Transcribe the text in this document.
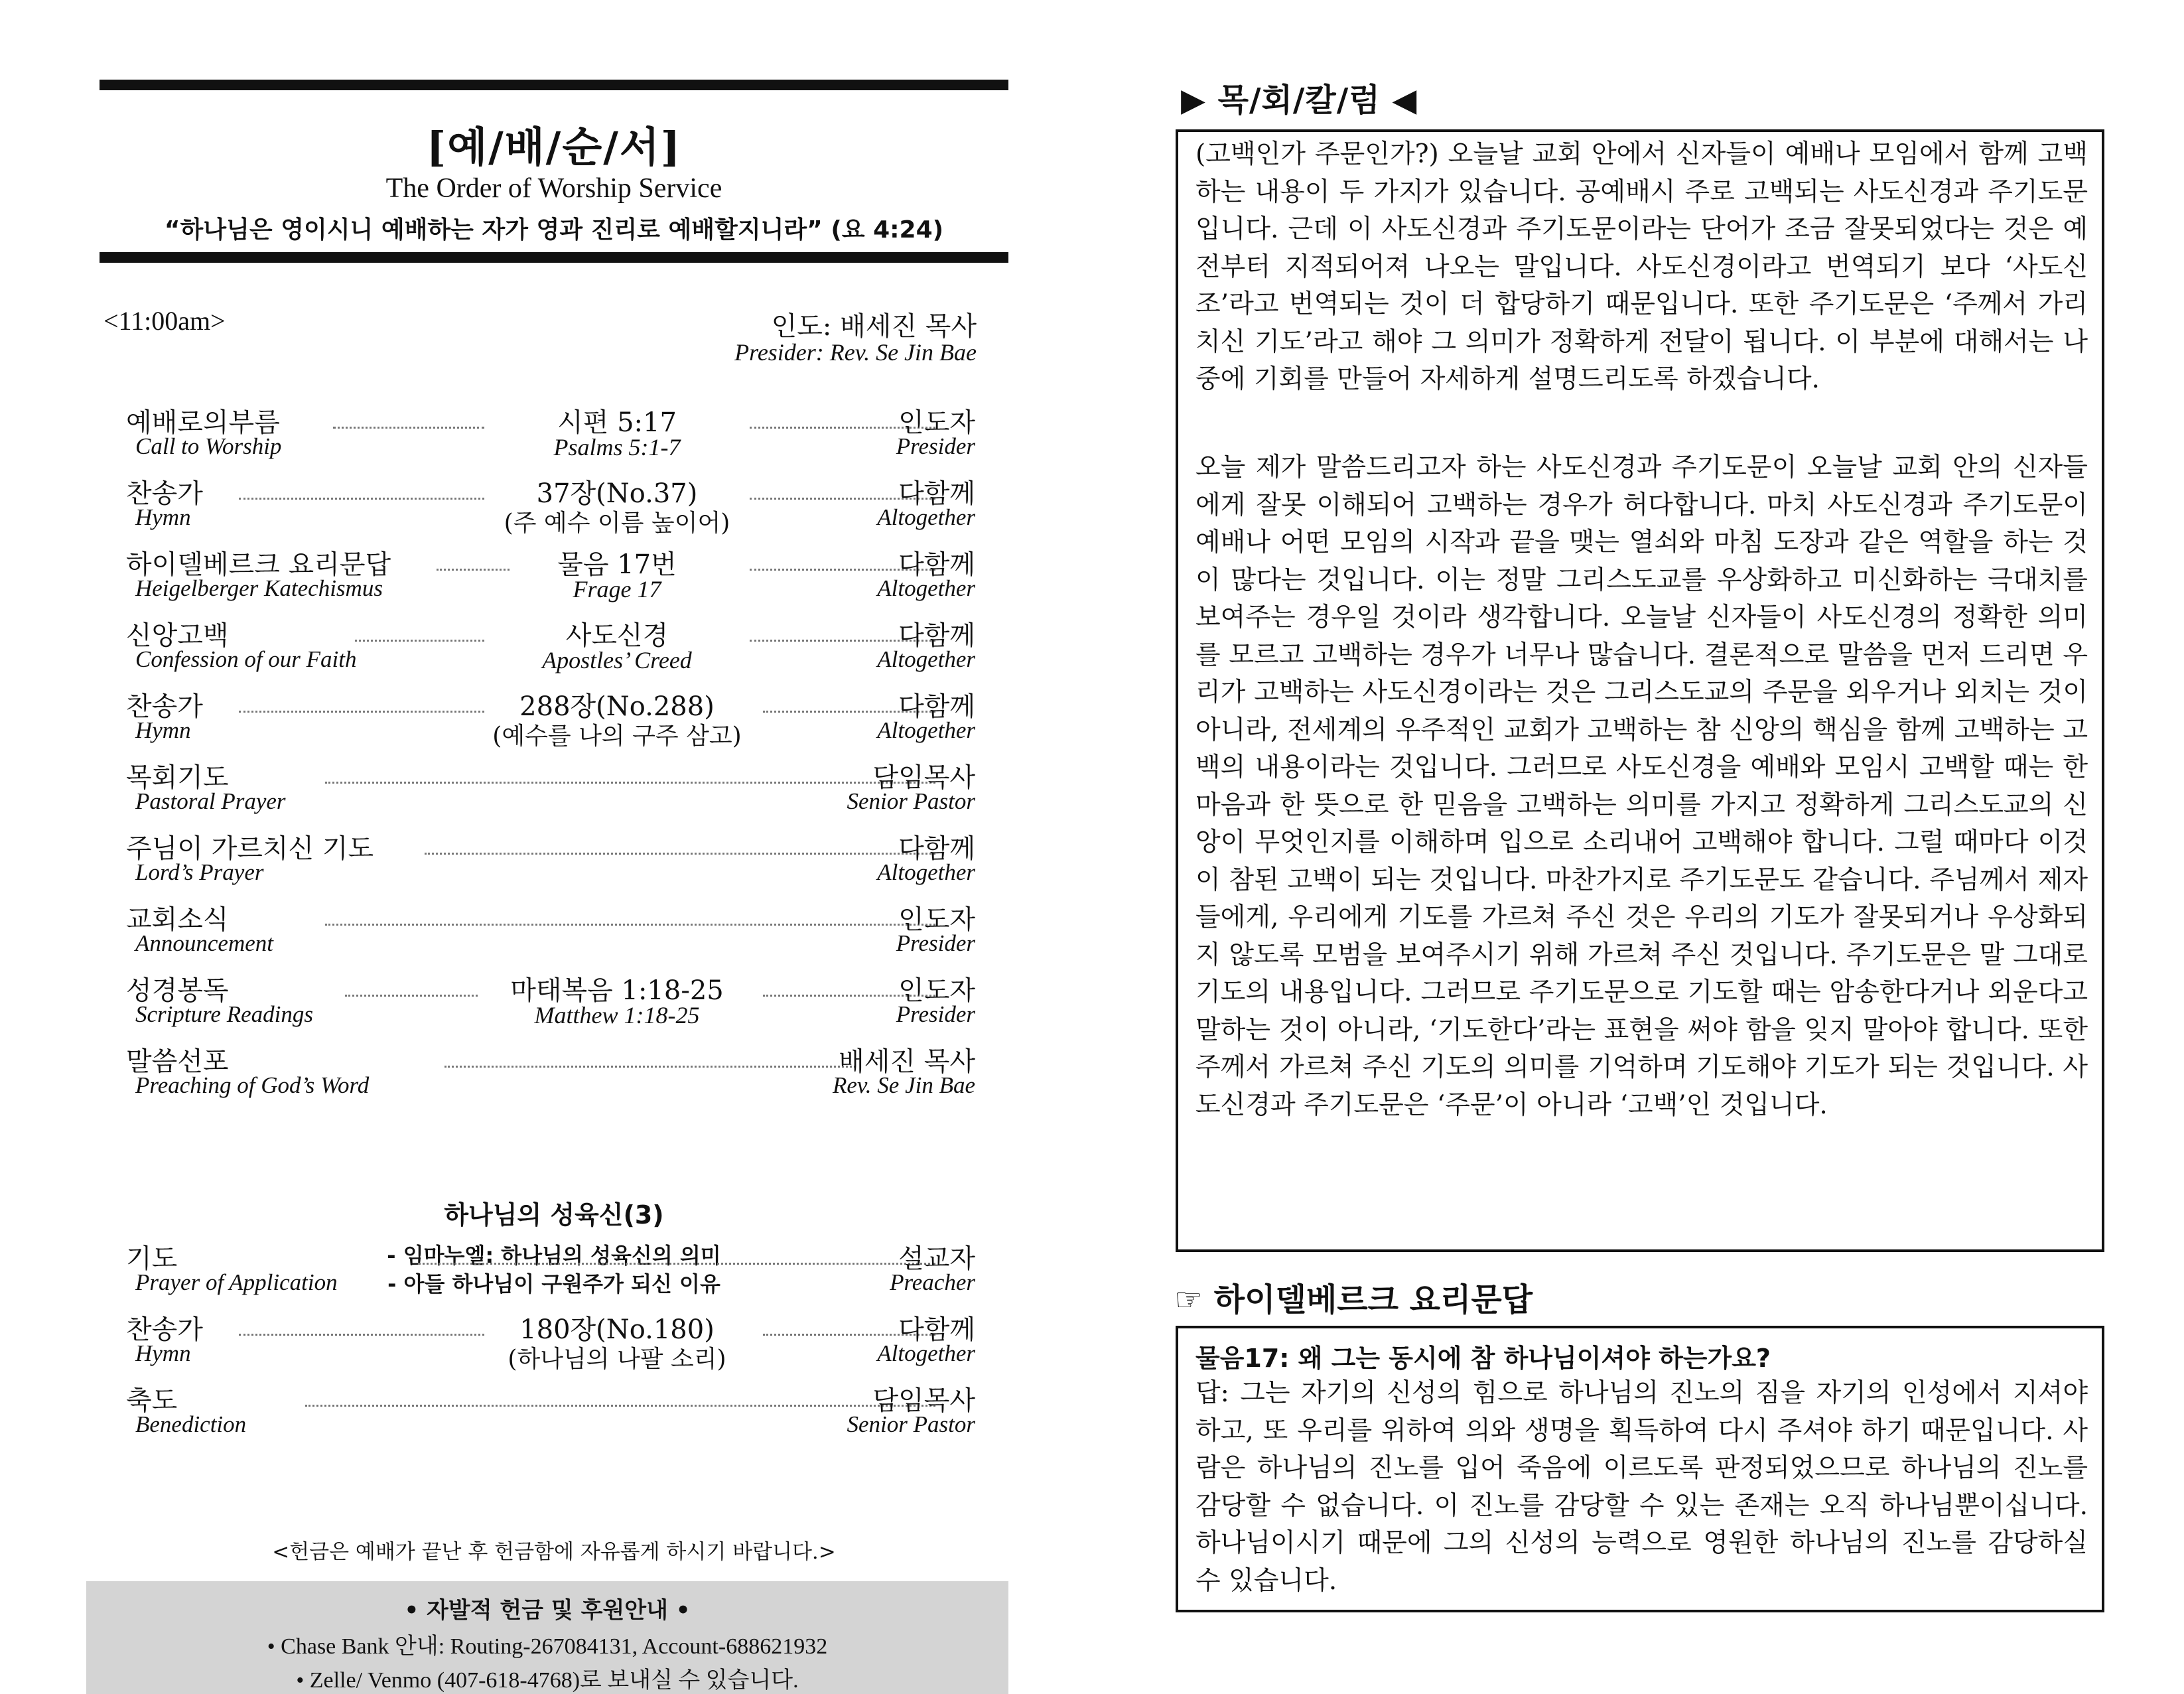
[예/배/순/서]
The Order of Worship Service
“하나님은 영이시니 예배하는 자가 영과 진리로 예배할지니라” (요 4:24)
<11:00am>	인도: 배세진 목사
Presider: Rev. Se Jin Bae
예배로의부름
Call to Worship
시편 5:17
Psalms 5:1-7
인도자
Presider
찬송가
Hymn
37장(No.37)
(주 예수 이름 높이어)
다함께
Altogether
하이델베르크 요리문답
Heigelberger Katechismus
물음 17번
Frage 17
다함께
Altogether
신앙고백
Confession of our Faith
사도신경
Apostles’ Creed
다함께
Altogether
찬송가
Hymn
288장(No.288)
(예수를 나의 구주 삼고)
다함께
Altogether
목회기도
Pastoral Prayer
담임목사
Senior Pastor
주님이 가르치신 기도
Lord’s Prayer
다함께
Altogether
교회소식
Announcement
인도자
Presider
성경봉독
Scripture Readings
마태복음 1:18-25
Matthew 1:18-25
인도자
Presider
말씀선포
Preaching of God’s Word
배세진 목사
Rev. Se Jin Bae
하나님의 성육신(3)
- 임마누엘: 하나님의 성육신의 의미
- 아들 하나님이 구원주가 되신 이유
기도
Prayer of Application
설교자
Preacher
찬송가
Hymn
180장(No.180)
(하나님의 나팔 소리)
다함께
Altogether
축도
Benediction
담임목사
Senior Pastor
<헌금은 예배가 끝난 후 헌금함에 자유롭게 하시기 바랍니다.>
• 자발적 헌금 및 후원안내 •
• Chase Bank 안내: Routing-267084131, Account-688621932
• Zelle/ Venmo (407-618-4768)로 보내실 수 있습니다.
▶ 목/회/칼/럼 ◀
(고백인가 주문인가?) 오늘날 교회 안에서 신자들이 예배나 모임에서 함께 고백하는 내용이 두 가지가 있습니다. 공예배시 주로 고백되는 사도신경과 주기도문입니다. 근데 이 사도신경과 주기도문이라는 단어가 조금 잘못되었다는 것은 예전부터 지적되어져 나오는 말입니다. 사도신경이라고 번역되기 보다 ‘사도신조’라고 번역되는 것이 더 합당하기 때문입니다. 또한 주기도문은 ‘주께서 가리치신 기도’라고 해야 그 의미가 정확하게 전달이 됩니다. 이 부분에 대해서는 나중에 기회를 만들어 자세하게 설명드리도록 하겠습니다.
오늘 제가 말씀드리고자 하는 사도신경과 주기도문이 오늘날 교회 안의 신자들에게 잘못 이해되어 고백하는 경우가 허다합니다. 마치 사도신경과 주기도문이 예배나 어떤 모임의 시작과 끝을 맺는 열쇠와 마침 도장과 같은 역할을 하는 것이 많다는 것입니다. 이는 정말 그리스도교를 우상화하고 미신화하는 극대치를 보여주는 경우일 것이라 생각합니다. 오늘날 신자들이 사도신경의 정확한 의미를 모르고 고백하는 경우가 너무나 많습니다. 결론적으로 말씀을 먼저 드리면 우리가 고백하는 사도신경이라는 것은 그리스도교의 주문을 외우거나 외치는 것이 아니라, 전세계의 우주적인 교회가 고백하는 참 신앙의 핵심을 함께 고백하는 고백의 내용이라는 것입니다. 그러므로 사도신경을 예배와 모임시 고백할 때는 한 마음과 한 뜻으로 한 믿음을 고백하는 의미를 가지고 정확하게 그리스도교의 신앙이 무엇인지를 이해하며 입으로 소리내어 고백해야 합니다. 그럴 때마다 이것이 참된 고백이 되는 것입니다. 마찬가지로 주기도문도 같습니다. 주님께서 제자들에게, 우리에게 기도를 가르쳐 주신 것은 우리의 기도가 잘못되거나 우상화되지 않도록 모범을 보여주시기 위해 가르쳐 주신 것입니다. 주기도문은 말 그대로 기도의 내용입니다. 그러므로 주기도문으로 기도할 때는 암송한다거나 외운다고 말하는 것이 아니라, ‘기도한다’라는 표현을 써야 함을 잊지 말아야 합니다. 또한 주께서 가르쳐 주신 기도의 의미를 기억하며 기도해야 기도가 되는 것입니다. 사도신경과 주기도문은 ‘주문’이 아니라 ‘고백’인 것입니다.
☞ 하이델베르크 요리문답
물음17: 왜 그는 동시에 참 하나님이셔야 하는가요?
답: 그는 자기의 신성의 힘으로 하나님의 진노의 짐을 자기의 인성에서 지셔야 하고, 또 우리를 위하여 의와 생명을 획득하여 다시 주셔야 하기 때문입니다. 사람은 하나님의 진노를 입어 죽음에 이르도록 판정되었으므로 하나님의 진노를 감당할 수 없습니다. 이 진노를 감당할 수 있는 존재는 오직 하나님뿐이십니다. 하나님이시기 때문에 그의 신성의 능력으로 영원한 하나님의 진노를 감당하실 수 있습니다.
